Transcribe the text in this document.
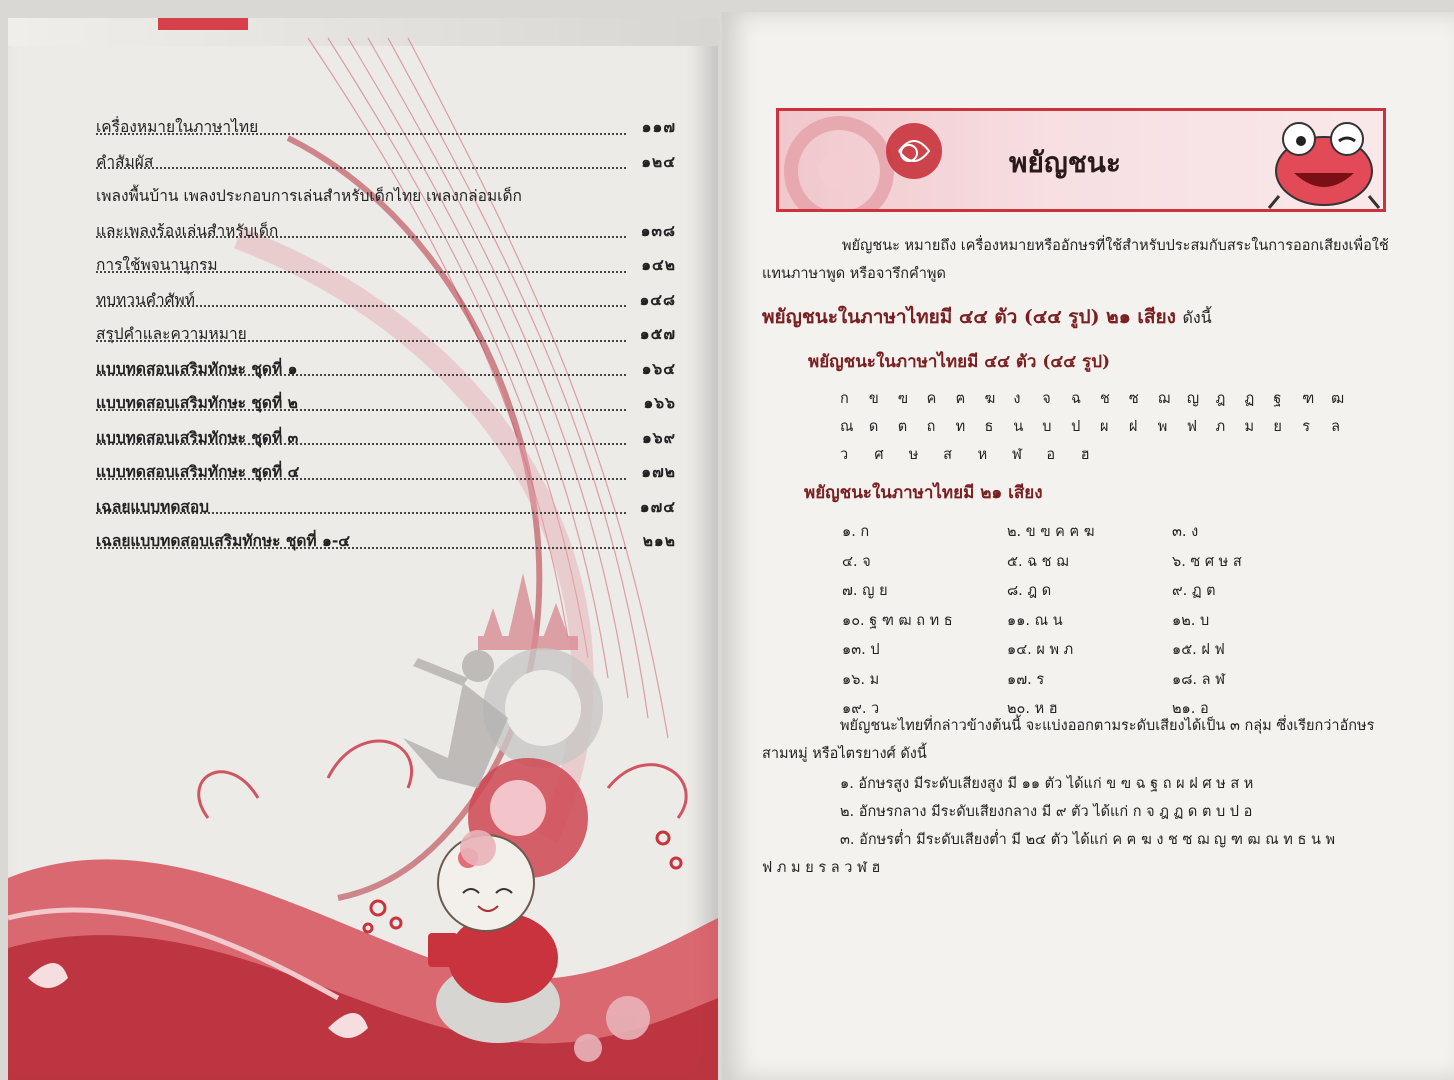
เครื่องหมายในภาษาไทย	๑๑๗
คำสัมผัส	๑๒๔
เพลงพื้นบ้าน เพลงประกอบการเล่นสำหรับเด็กไทย เพลงกล่อมเด็ก
และเพลงร้องเล่นสำหรับเด็ก	๑๓๘
การใช้พจนานุกรม	๑๔๒
ทบทวนคำศัพท์	๑๔๘
สรุปคำและความหมาย	๑๕๗
แบบทดสอบเสริมทักษะ ชุดที่ ๑	๑๖๔
แบบทดสอบเสริมทักษะ ชุดที่ ๒	๑๖๖
แบบทดสอบเสริมทักษะ ชุดที่ ๓	๑๖๙
แบบทดสอบเสริมทักษะ ชุดที่ ๔	๑๗๒
เฉลยแบบทดสอบ	๑๗๔
เฉลยแบบทดสอบเสริมทักษะ ชุดที่ ๑-๔	๒๑๒
พยัญชนะ
พยัญชนะ หมายถึง เครื่องหมายหรืออักษรที่ใช้สำหรับประสมกับสระในการออกเสียงเพื่อใช้
แทนภาษาพูด หรือจารึกคำพูด
พยัญชนะในภาษาไทยมี ๔๔ ตัว (๔๔ รูป) ๒๑ เสียง ดังนี้
พยัญชนะในภาษาไทยมี ๔๔ ตัว (๔๔ รูป)
ก	ข	ฃ	ค	ฅ	ฆ	ง	จ	ฉ	ช	ซ	ฌ	ญ	ฎ	ฏ	ฐ	ฑ	ฒ
ณ	ด	ต	ถ	ท	ธ	น	บ	ป	ผ	ฝ	พ	ฟ	ภ	ม	ย	ร	ล
ว	ศ	ษ	ส	ห	ฬ	อ	ฮ
พยัญชนะในภาษาไทยมี ๒๑ เสียง
๑. ก	๒. ข ฃ ค ฅ ฆ	๓. ง
๔. จ	๕. ฉ ช ฌ	๖. ซ ศ ษ ส
๗. ญ ย	๘. ฎ ด	๙. ฏ ต
๑๐. ฐ ฑ ฒ ถ ท ธ	๑๑. ณ น	๑๒. บ
๑๓. ป	๑๔. ผ พ ภ	๑๕. ฝ ฟ
๑๖. ม	๑๗. ร	๑๘. ล ฬ
๑๙. ว	๒๐. ห ฮ	๒๑. อ
พยัญชนะไทยที่กล่าวข้างต้นนี้ จะแบ่งออกตามระดับเสียงได้เป็น ๓ กลุ่ม ซึ่งเรียกว่าอักษร
สามหมู่ หรือไตรยางศ์ ดังนี้
๑. อักษรสูง มีระดับเสียงสูง มี ๑๑ ตัว ได้แก่ ข ฃ ฉ ฐ ถ ผ ฝ ศ ษ ส ห
๒. อักษรกลาง มีระดับเสียงกลาง มี ๙ ตัว ได้แก่ ก จ ฎ ฏ ด ต บ ป อ
๓. อักษรต่ำ มีระดับเสียงต่ำ มี ๒๔ ตัว ได้แก่ ค ฅ ฆ ง ช ซ ฌ ญ ฑ ฒ ณ ท ธ น พ
ฟ ภ ม ย ร ล ว ฬ ฮ
